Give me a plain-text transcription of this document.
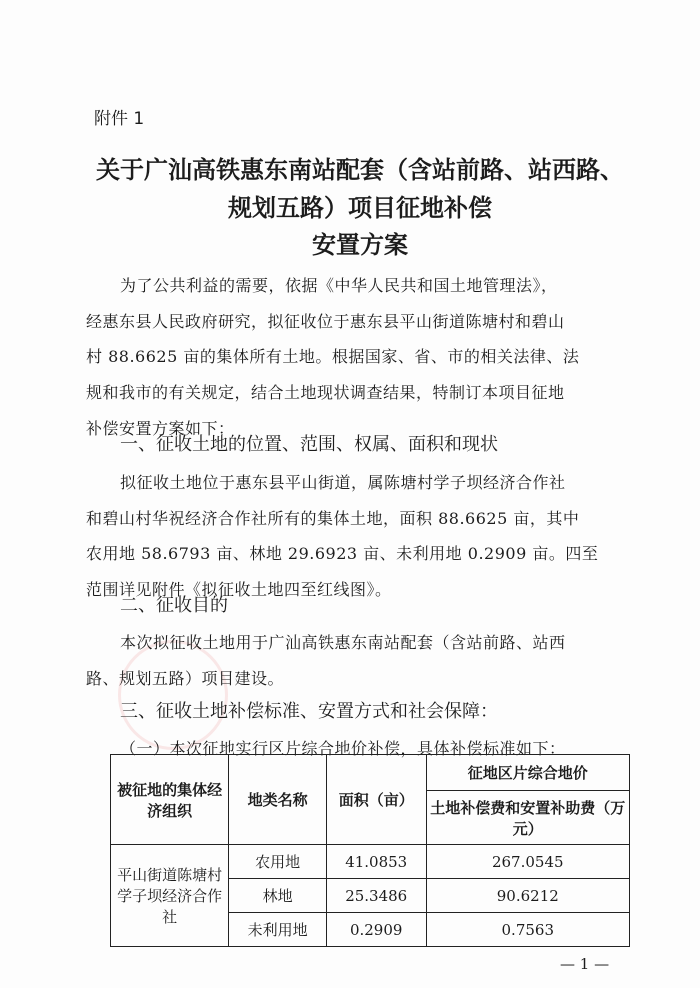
附件 1
关于广汕高铁惠东南站配套（含站前路、站西路、
规划五路）项目征地补偿
安置方案
为了公共利益的需要，依据《中华人民共和国土地管理法》，
经惠东县人民政府研究，拟征收位于惠东县平山街道陈塘村和碧山
村 88.6625 亩的集体所有土地。根据国家、省、市的相关法律、法
规和我市的有关规定，结合土地现状调查结果，特制订本项目征地
补偿安置方案如下：
一、征收土地的位置、范围、权属、面积和现状
拟征收土地位于惠东县平山街道，属陈塘村学子坝经济合作社
和碧山村华祝经济合作社所有的集体土地，面积 88.6625 亩，其中
农用地 58.6793 亩、林地 29.6923 亩、未利用地 0.2909 亩。四至
范围详见附件《拟征收土地四至红线图》。
二、征收目的
本次拟征收土地用于广汕高铁惠东南站配套（含站前路、站西
路、规划五路）项目建设。
三、征收土地补偿标准、安置方式和社会保障：
（一）本次征地实行区片综合地价补偿，具体补偿标准如下：
被征地的集体经济组织	地类名称	面积（亩）	征地区片综合地价
			土地补偿费和安置补助费（万元）
平山街道陈塘村学子坝经济合作社	农用地	41.0853	267.0545
	林地	25.3486	90.6212
	未利用地	0.2909	0.7563
— 1 —
